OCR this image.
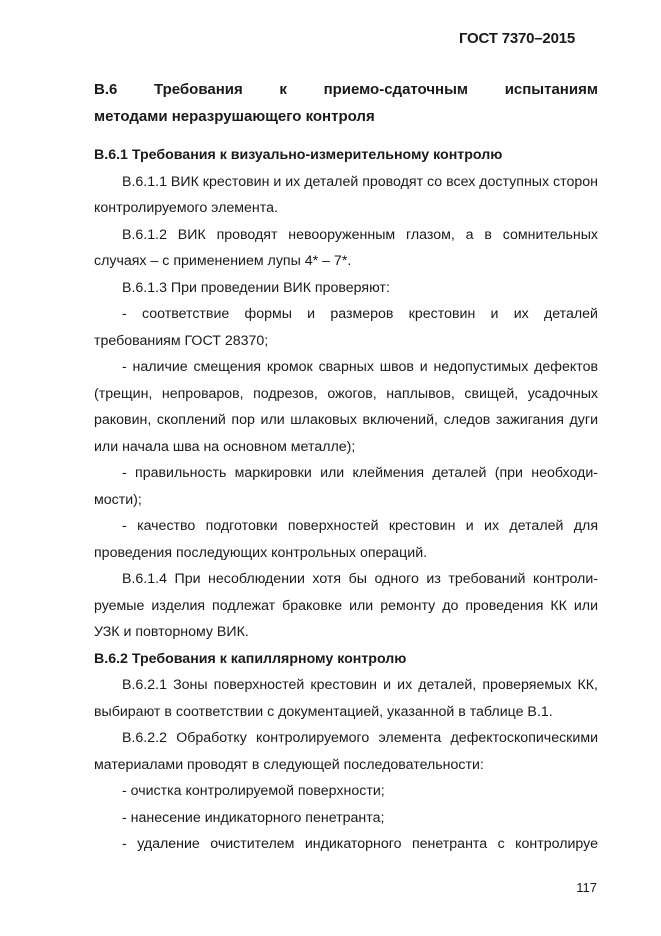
ГОСТ 7370–2015
В.6 Требования к приемо-сдаточным испытаниям
методами неразрушающего контроля

В.6.1 Требования к визуально-измерительному контролю

В.6.1.1 ВИК крестовин и их деталей проводят со всех доступных сторон контролируемого элемента.

В.6.1.2 ВИК проводят невооруженным глазом, а в сомнительных случаях – с применением лупы 4* – 7*.

В.6.1.3 При проведении ВИК проверяют:

- соответствие формы и размеров крестовин и их деталей требованиям ГОСТ 28370;

- наличие смещения кромок сварных швов и недопустимых дефектов (трещин, непроваров, подрезов, ожогов, наплывов, свищей, усадочных раковин, скоплений пор или шлаковых включений, следов зажигания дуги или начала шва на основном металле);

- правильность маркировки или клеймения деталей (при необходимости);

- качество подготовки поверхностей крестовин и их деталей для проведения последующих контрольных операций.

В.6.1.4 При несоблюдении хотя бы одного из требований контролируемые изделия подлежат браковке или ремонту до проведения КК или УЗК и повторному ВИК.

В.6.2 Требования к капиллярному контролю

В.6.2.1 Зоны поверхностей крестовин и их деталей, проверяемых КК, выбирают в соответствии с документацией, указанной в таблице В.1.

В.6.2.2 Обработку контролируемого элемента дефектоскопическими материалами проводят в следующей последовательности:

- очистка контролируемой поверхности;

- нанесение индикаторного пенетранта;

- удаление очистителем индикаторного пенетранта с контролируе

117
